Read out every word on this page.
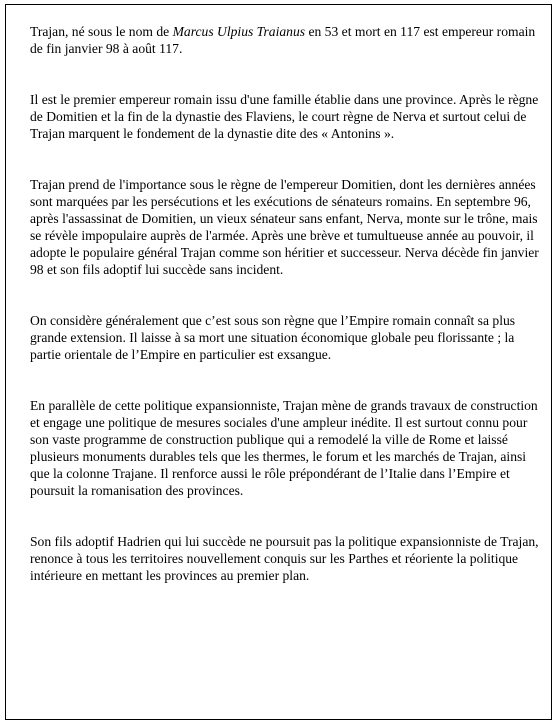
Trajan, né sous le nom de Marcus Ulpius Traianus en 53 et mort en 117 est empereur romain de fin janvier 98 à août 117.

Il est le premier empereur romain issu d'une famille établie dans une province. Après le règne de Domitien et la fin de la dynastie des Flaviens, le court règne de Nerva et surtout celui de Trajan marquent le fondement de la dynastie dite des « Antonins ».

Trajan prend de l'importance sous le règne de l'empereur Domitien, dont les dernières années sont marquées par les persécutions et les exécutions de sénateurs romains. En septembre 96, après l'assassinat de Domitien, un vieux sénateur sans enfant, Nerva, monte sur le trône, mais se révèle impopulaire auprès de l'armée. Après une brève et tumultueuse année au pouvoir, il adopte le populaire général Trajan comme son héritier et successeur. Nerva décède fin janvier 98 et son fils adoptif lui succède sans incident.

On considère généralement que c’est sous son règne que l’Empire romain connaît sa plus grande extension. Il laisse à sa mort une situation économique globale peu florissante ; la partie orientale de l’Empire en particulier est exsangue.

En parallèle de cette politique expansionniste, Trajan mène de grands travaux de construction et engage une politique de mesures sociales d'une ampleur inédite. Il est surtout connu pour son vaste programme de construction publique qui a remodelé la ville de Rome et laissé plusieurs monuments durables tels que les thermes, le forum et les marchés de Trajan, ainsi que la colonne Trajane. Il renforce aussi le rôle prépondérant de l’Italie dans l’Empire et poursuit la romanisation des provinces.

Son fils adoptif Hadrien qui lui succède ne poursuit pas la politique expansionniste de Trajan, renonce à tous les territoires nouvellement conquis sur les Parthes et réoriente la politique intérieure en mettant les provinces au premier plan.
